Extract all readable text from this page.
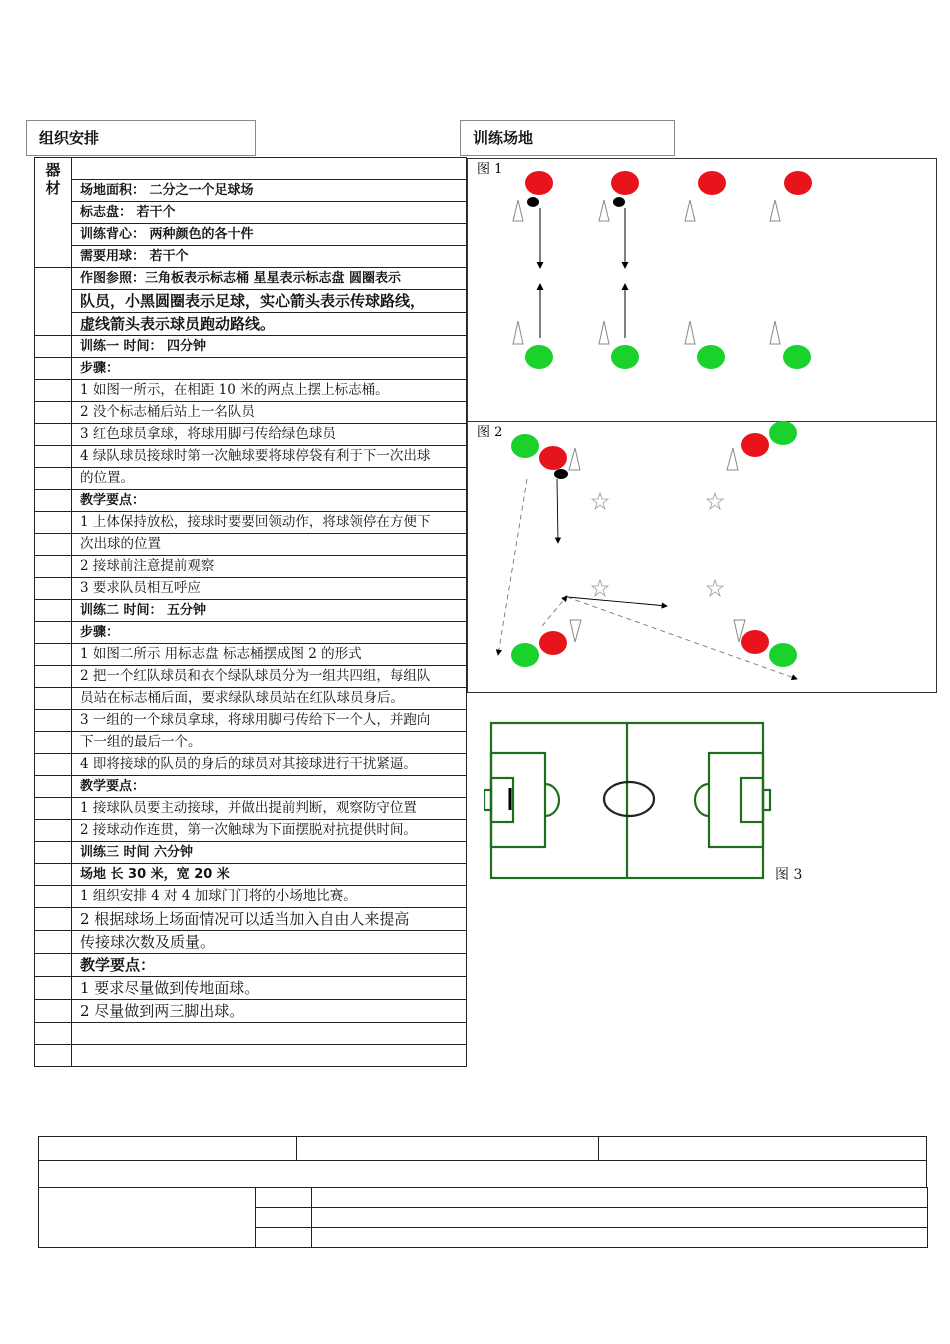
组织安排	训练场地
器材	

	场地面积： 二分之一个足球场
	标志盘： 若干个
	训练背心： 两种颜色的各十件
	需要用球： 若干个
	作图参照：三角板表示标志桶 星星表示标志盘 圆圈表示
	队员，小黑圆圈表示足球，实心箭头表示传球路线，
	虚线箭头表示球员跑动路线。
	训练一 时间： 四分钟
	步骤：
	1 如图一所示，在相距 10 米的两点上摆上标志桶。
	2 没个标志桶后站上一名队员
	3 红色球员拿球，将球用脚弓传给绿色球员
	4 绿队球员接球时第一次触球要将球停袋有利于下一次出球
	的位置。
	教学要点：
	1 上体保持放松，接球时要要回领动作，将球领停在方便下
	次出球的位置
	2 接球前注意提前观察
	3 要求队员相互呼应
	训练二 时间： 五分钟
	步骤：
	1 如图二所示 用标志盘 标志桶摆成图 2 的形式
	2 把一个红队球员和衣个绿队球员分为一组共四组，每组队
	员站在标志桶后面，要求绿队球员站在红队球员身后。
	3 一组的一个球员拿球，将球用脚弓传给下一个人，并跑向
	下一组的最后一个。
	4 即将接球的队员的身后的球员对其接球进行干扰紧逼。
	教学要点：
	1 接球队员要主动接球，并做出提前判断，观察防守位置
	2 接球动作连贯，第一次触球为下面摆脱对抗提供时间。
	训练三 时间 六分钟
	场地 长 30 米，宽 20 米
	1 组织安排 4 对 4 加球门门将的小场地比赛。
	2 根据球场上场面情况可以适当加入自由人来提高
	传接球次数及质量。
	教学要点：
	1 要求尽量做到传地面球。
	2 尽量做到两三脚出球。

图 1
图 2
图 3
